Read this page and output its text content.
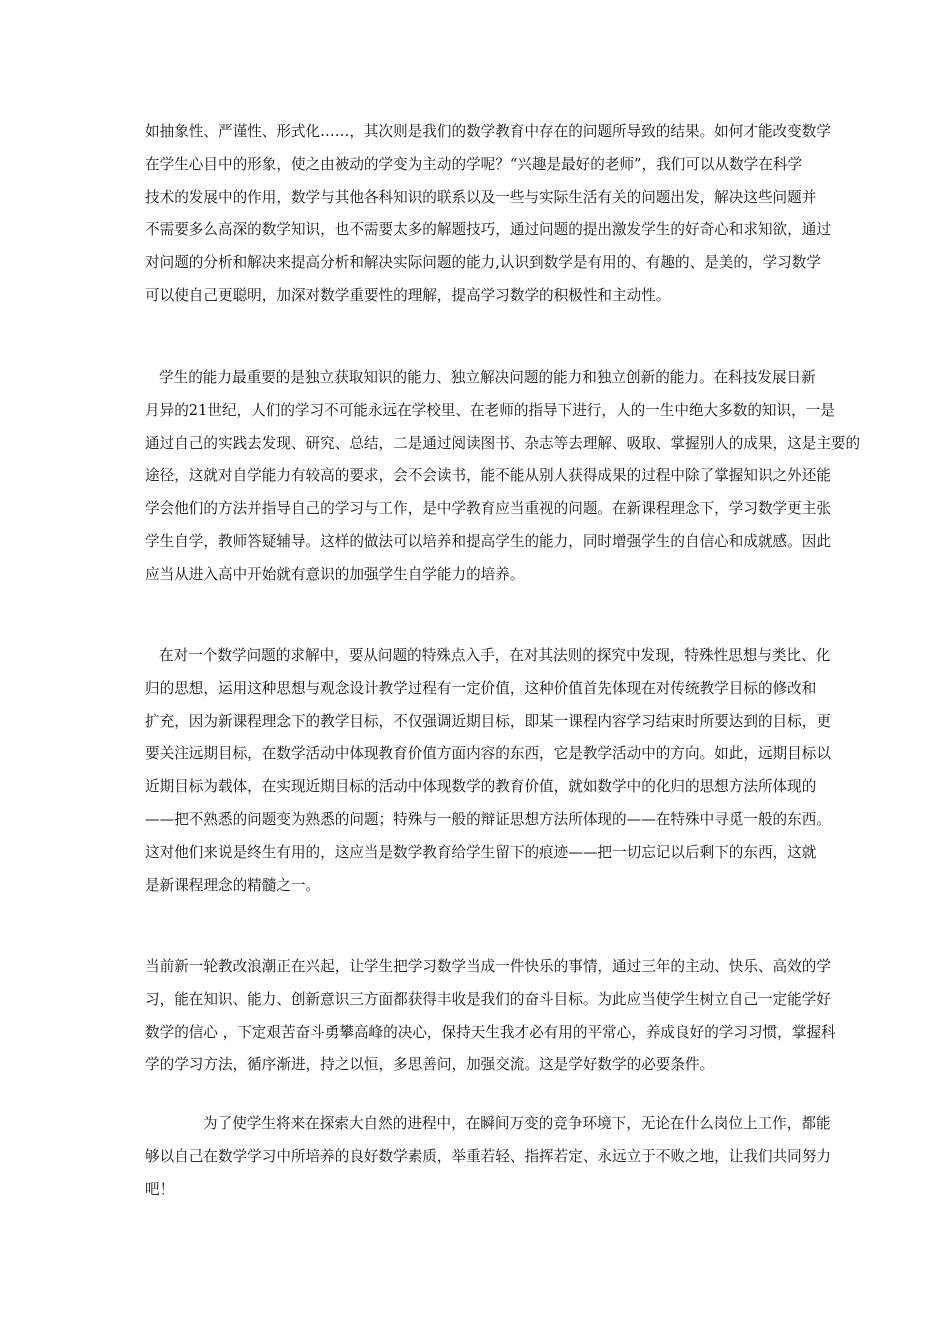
如抽象性、严谨性、形式化……，其次则是我们的数学教育中存在的问题所导致的结果。如何才能改变数学
在学生心目中的形象，使之由被动的学变为主动的学呢？“兴趣是最好的老师”，我们可以从数学在科学
技术的发展中的作用，数学与其他各科知识的联系以及一些与实际生活有关的问题出发，解决这些问题并
不需要多么高深的数学知识，也不需要太多的解题技巧，通过问题的提出激发学生的好奇心和求知欲，通过
对问题的分析和解决来提高分析和解决实际问题的能力,认识到数学是有用的、有趣的、是美的，学习数学
可以使自己更聪明，加深对数学重要性的理解，提高学习数学的积极性和主动性。
学生的能力最重要的是独立获取知识的能力、独立解决问题的能力和独立创新的能力。在科技发展日新
月异的21世纪，人们的学习不可能永远在学校里、在老师的指导下进行，人的一生中绝大多数的知识，一是
通过自己的实践去发现、研究、总结，二是通过阅读图书、杂志等去理解、吸取、掌握别人的成果，这是主要的
途径，这就对自学能力有较高的要求，会不会读书，能不能从别人获得成果的过程中除了掌握知识之外还能
学会他们的方法并指导自己的学习与工作，是中学教育应当重视的问题。在新课程理念下，学习数学更主张
学生自学，教师答疑辅导。这样的做法可以培养和提高学生的能力，同时增强学生的自信心和成就感。因此
应当从进入高中开始就有意识的加强学生自学能力的培养。
在对一个数学问题的求解中，要从问题的特殊点入手，在对其法则的探究中发现，特殊性思想与类比、化
归的思想，运用这种思想与观念设计教学过程有一定价值，这种价值首先体现在对传统教学目标的修改和
扩充，因为新课程理念下的教学目标，不仅强调近期目标，即某一课程内容学习结束时所要达到的目标，更
要关注远期目标，在数学活动中体现教育价值方面内容的东西，它是教学活动中的方向。如此，远期目标以
近期目标为载体，在实现近期目标的活动中体现数学的教育价值，就如数学中的化归的思想方法所体现的
——把不熟悉的问题变为熟悉的问题；特殊与一般的辩证思想方法所体现的——在特殊中寻觅一般的东西。
这对他们来说是终生有用的，这应当是数学教育给学生留下的痕迹——把一切忘记以后剩下的东西，这就
是新课程理念的精髓之一。
当前新一轮教改浪潮正在兴起，让学生把学习数学当成一件快乐的事情，通过三年的主动、快乐、高效的学
习，能在知识、能力、创新意识三方面都获得丰收是我们的奋斗目标。为此应当使学生树立自己一定能学好
数学的信心 ，下定艰苦奋斗勇攀高峰的决心，保持天生我才必有用的平常心，养成良好的学习习惯，掌握科
学的学习方法，循序渐进，持之以恒，多思善问，加强交流。这是学好数学的必要条件。
为了使学生将来在探索大自然的进程中，在瞬间万变的竞争环境下，无论在什么岗位上工作，都能
够以自己在数学学习中所培养的良好数学素质，举重若轻、指挥若定、永远立于不败之地，让我们共同努力
吧！
